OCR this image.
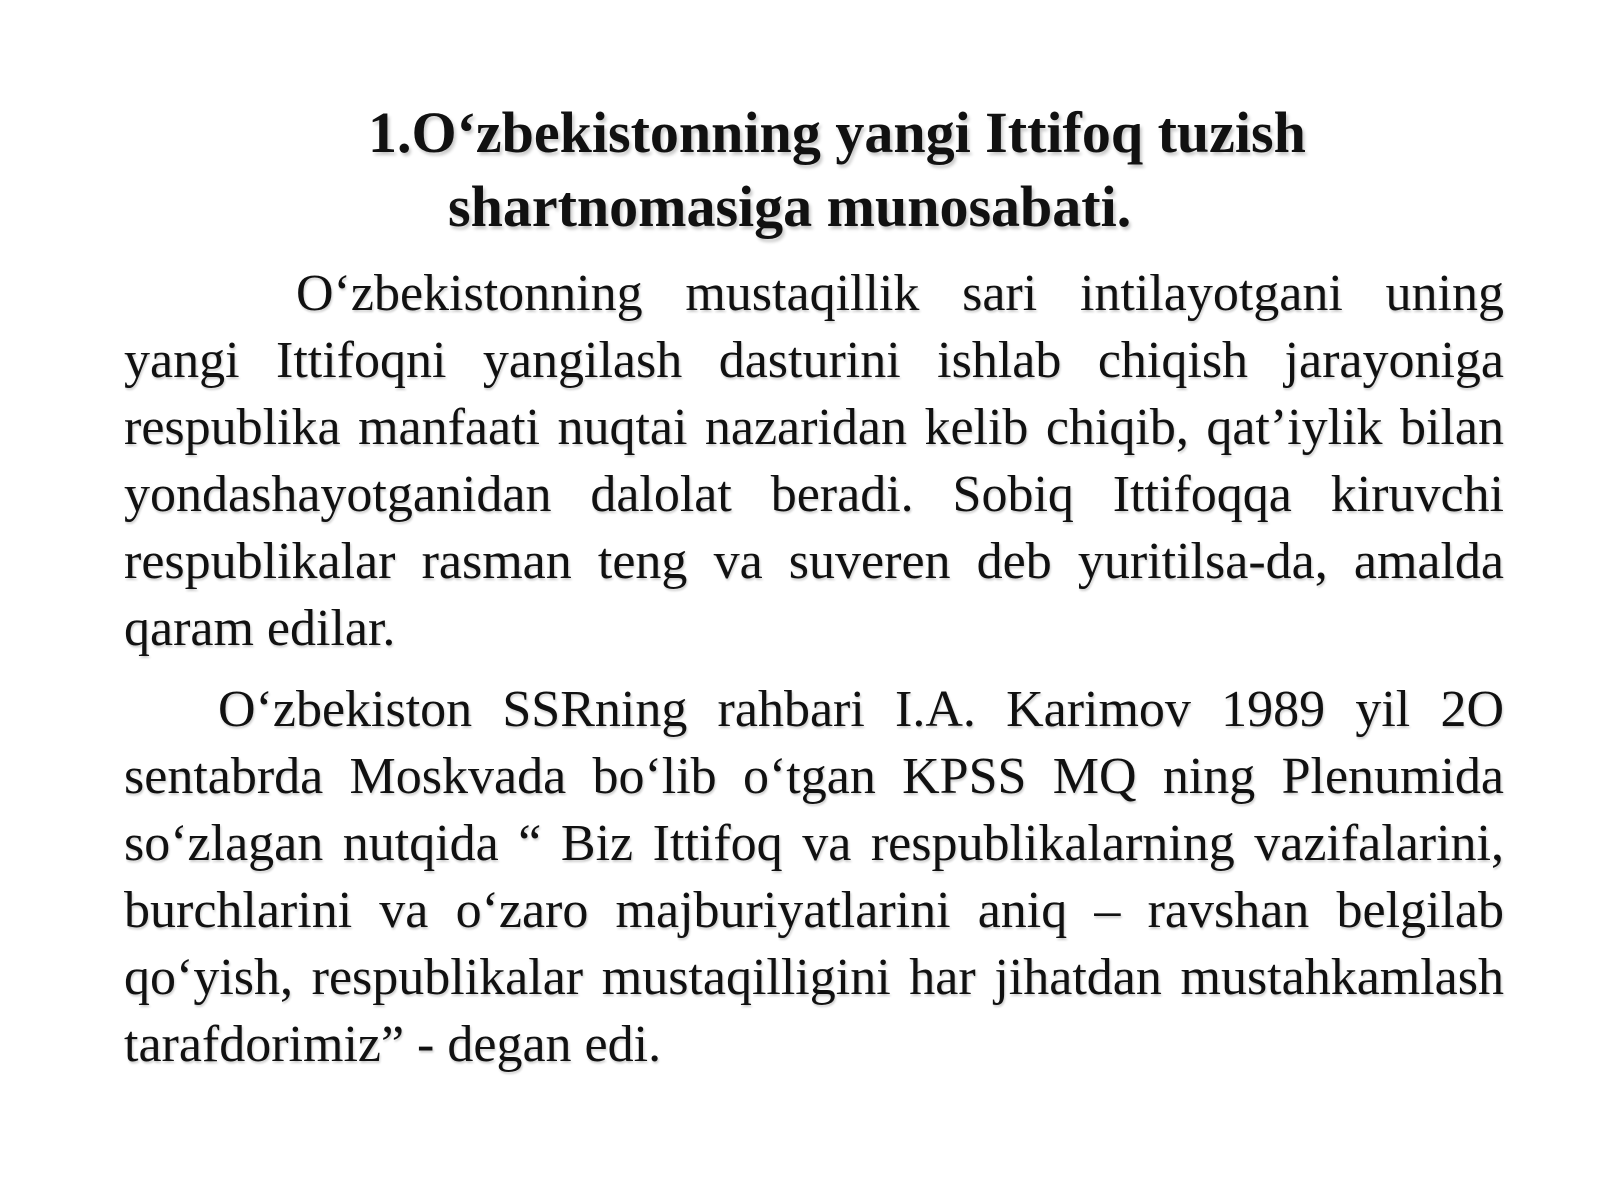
1.O‘zbekistonning yangi Ittifoq tuzish
shartnomasiga munosabati.

O‘zbekistonning mustaqillik sari intilayotgani uning yangi Ittifoqni yangilash dasturini ishlab chiqish jarayoniga respublika manfaati nuqtai nazaridan kelib chiqib, qat’iylik bilan yondashayotganidan dalolat beradi. Sobiq Ittifoqqa kiruvchi respublikalar rasman teng va suveren deb yuritilsa-da, amalda qaram edilar.

O‘zbekiston SSRning rahbari I.A. Karimov 1989 yil 2O sentabrda Moskvada bo‘lib o‘tgan KPSS MQ ning Plenumida so‘zlagan nutqida “ Biz Ittifoq va respublikalarning vazifalarini, burchlarini va o‘zaro majburiyatlarini aniq – ravshan belgilab qo‘yish, respublikalar mustaqilligini har jihatdan mustahkamlash tarafdorimiz” - degan edi.
